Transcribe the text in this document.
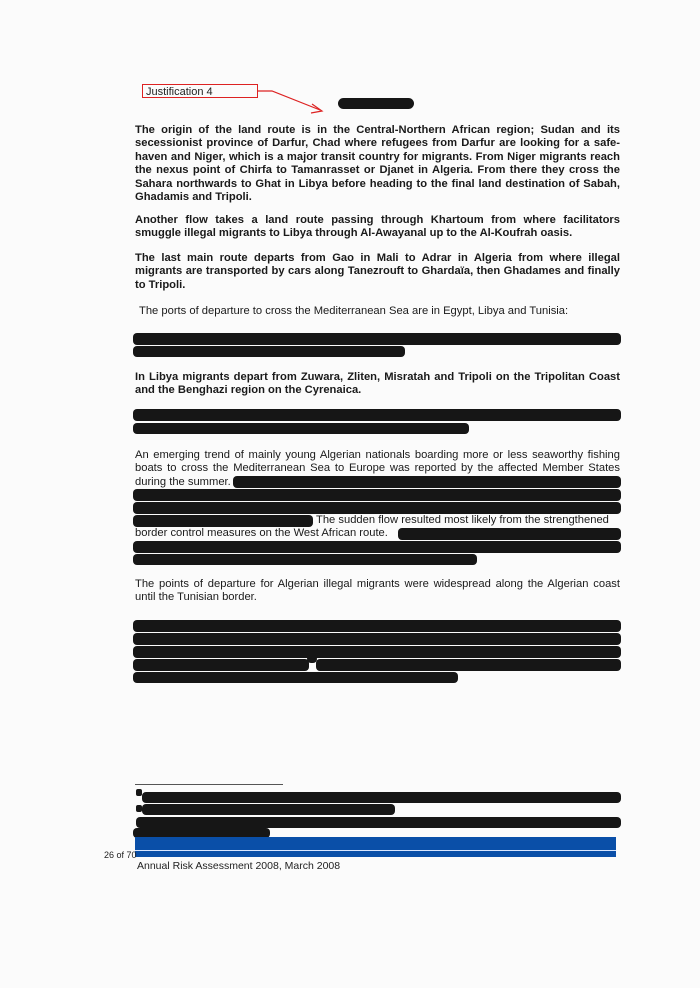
Justification 4
The origin of the land route is in the Central-Northern African region; Sudan and its secessionist province of Darfur, Chad where refugees from Darfur are looking for a safe-haven and Niger, which is a major transit country for migrants. From Niger migrants reach the nexus point of Chirfa to Tamanrasset or Djanet in Algeria. From there they cross the Sahara northwards to Ghat in Libya before heading to the final land destination of Sabah, Ghadamis and Tripoli.
Another flow takes a land route passing through Khartoum from where facilitators smuggle illegal migrants to Libya through Al-Awayanal up to the Al-Koufrah oasis.
The last main route departs from Gao in Mali to Adrar in Algeria from where illegal migrants are transported by cars along Tanezrouft to Ghardaïa, then Ghadames and finally to Tripoli.
The ports of departure to cross the Mediterranean Sea are in Egypt, Libya and Tunisia:
In Libya migrants depart from Zuwara, Zliten, Misratah and Tripoli on the Tripolitan Coast and the Benghazi region on the Cyrenaica.
An emerging trend of mainly young Algerian nationals boarding more or less seaworthy fishing boats to cross the Mediterranean Sea to Europe was reported by the affected Member States during the summer.
The sudden flow resulted most likely from the strengthened
border control measures on the West African route.
The points of departure for Algerian illegal migrants were widespread along the Algerian coast until the Tunisian border.
26 of 70
Annual Risk Assessment 2008, March 2008
